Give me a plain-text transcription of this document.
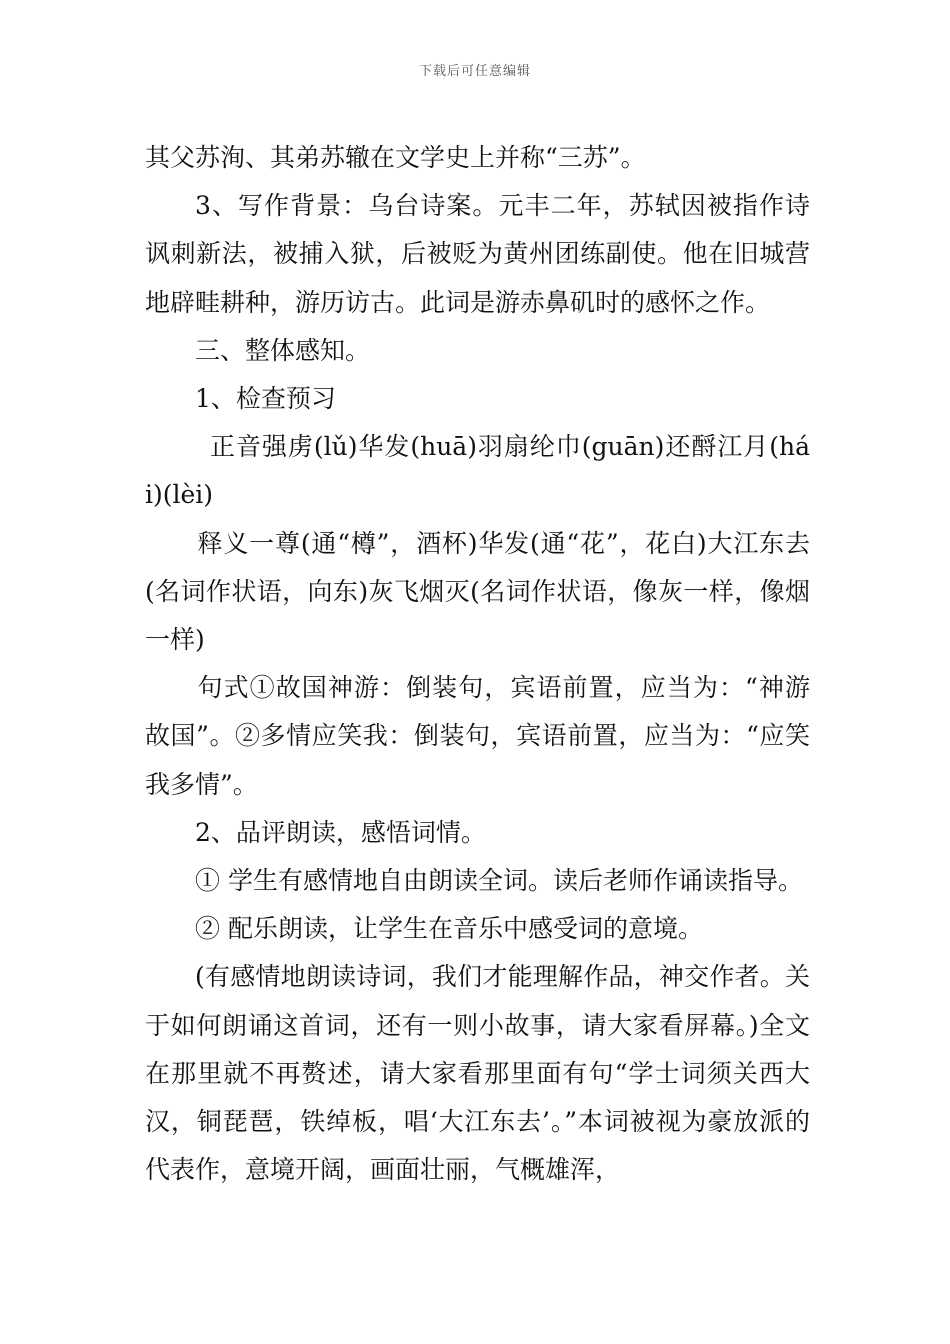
下载后可任意编辑

其父苏洵、其弟苏辙在文学史上并称“三苏”。

3、写作背景：乌台诗案。元丰二年，苏轼因被指作诗讽刺新法，被捕入狱，后被贬为黄州团练副使。他在旧城营地辟畦耕种，游历访古。此词是游赤鼻矶时的感怀之作。

三、整体感知。

1、检查预习

正音强虏(lǔ)华发(huā)羽扇纶巾(guān)还酹江月(hái)(lèi)

释义一尊(通“樽”，酒杯)华发(通“花”，花白)大江东去(名词作状语，向东)灰飞烟灭(名词作状语，像灰一样，像烟一样)

句式①故国神游：倒装句，宾语前置，应当为：“神游故国”。②多情应笑我：倒装句，宾语前置，应当为：“应笑我多情”。

2、品评朗读，感悟词情。

① 学生有感情地自由朗读全词。读后老师作诵读指导。

② 配乐朗读，让学生在音乐中感受词的意境。

(有感情地朗读诗词，我们才能理解作品，神交作者。关于如何朗诵这首词，还有一则小故事，请大家看屏幕。)全文在那里就不再赘述，请大家看那里面有句“学士词须关西大汉，铜琵琶，铁绰板，唱‘大江东去’。”本词被视为豪放派的代表作，意境开阔，画面壮丽，气概雄浑，
